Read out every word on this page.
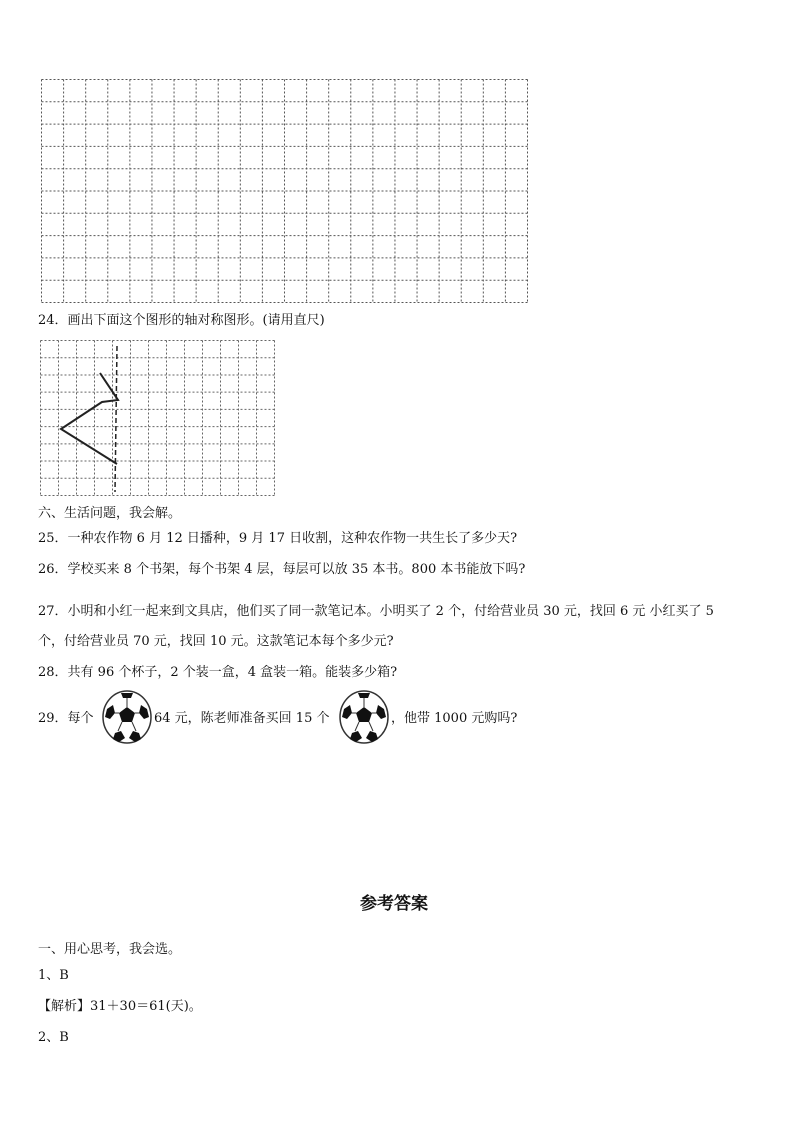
24．画出下面这个图形的轴对称图形。(请用直尺)
六、生活问题，我会解。
25．一种农作物 6 月 12 日播种，9 月 17 日收割，这种农作物一共生长了多少天?
26．学校买来 8 个书架，每个书架 4 层，每层可以放 35 本书。800 本书能放下吗?
27．小明和小红一起来到文具店，他们买了同一款笔记本。小明买了 2 个，付给营业员 30 元，找回 6 元 小红买了 5
个，付给营业员 70 元，找回 10 元。这款笔记本每个多少元?
28．共有 96 个杯子，2 个装一盒，4 盒装一箱。能装多少箱?
29．每个	64 元，陈老师准备买回 15 个	，他带 1000 元购吗?
参考答案
一、用心思考，我会选。
1、B
【解析】31＋30＝61(天)。
2、B
